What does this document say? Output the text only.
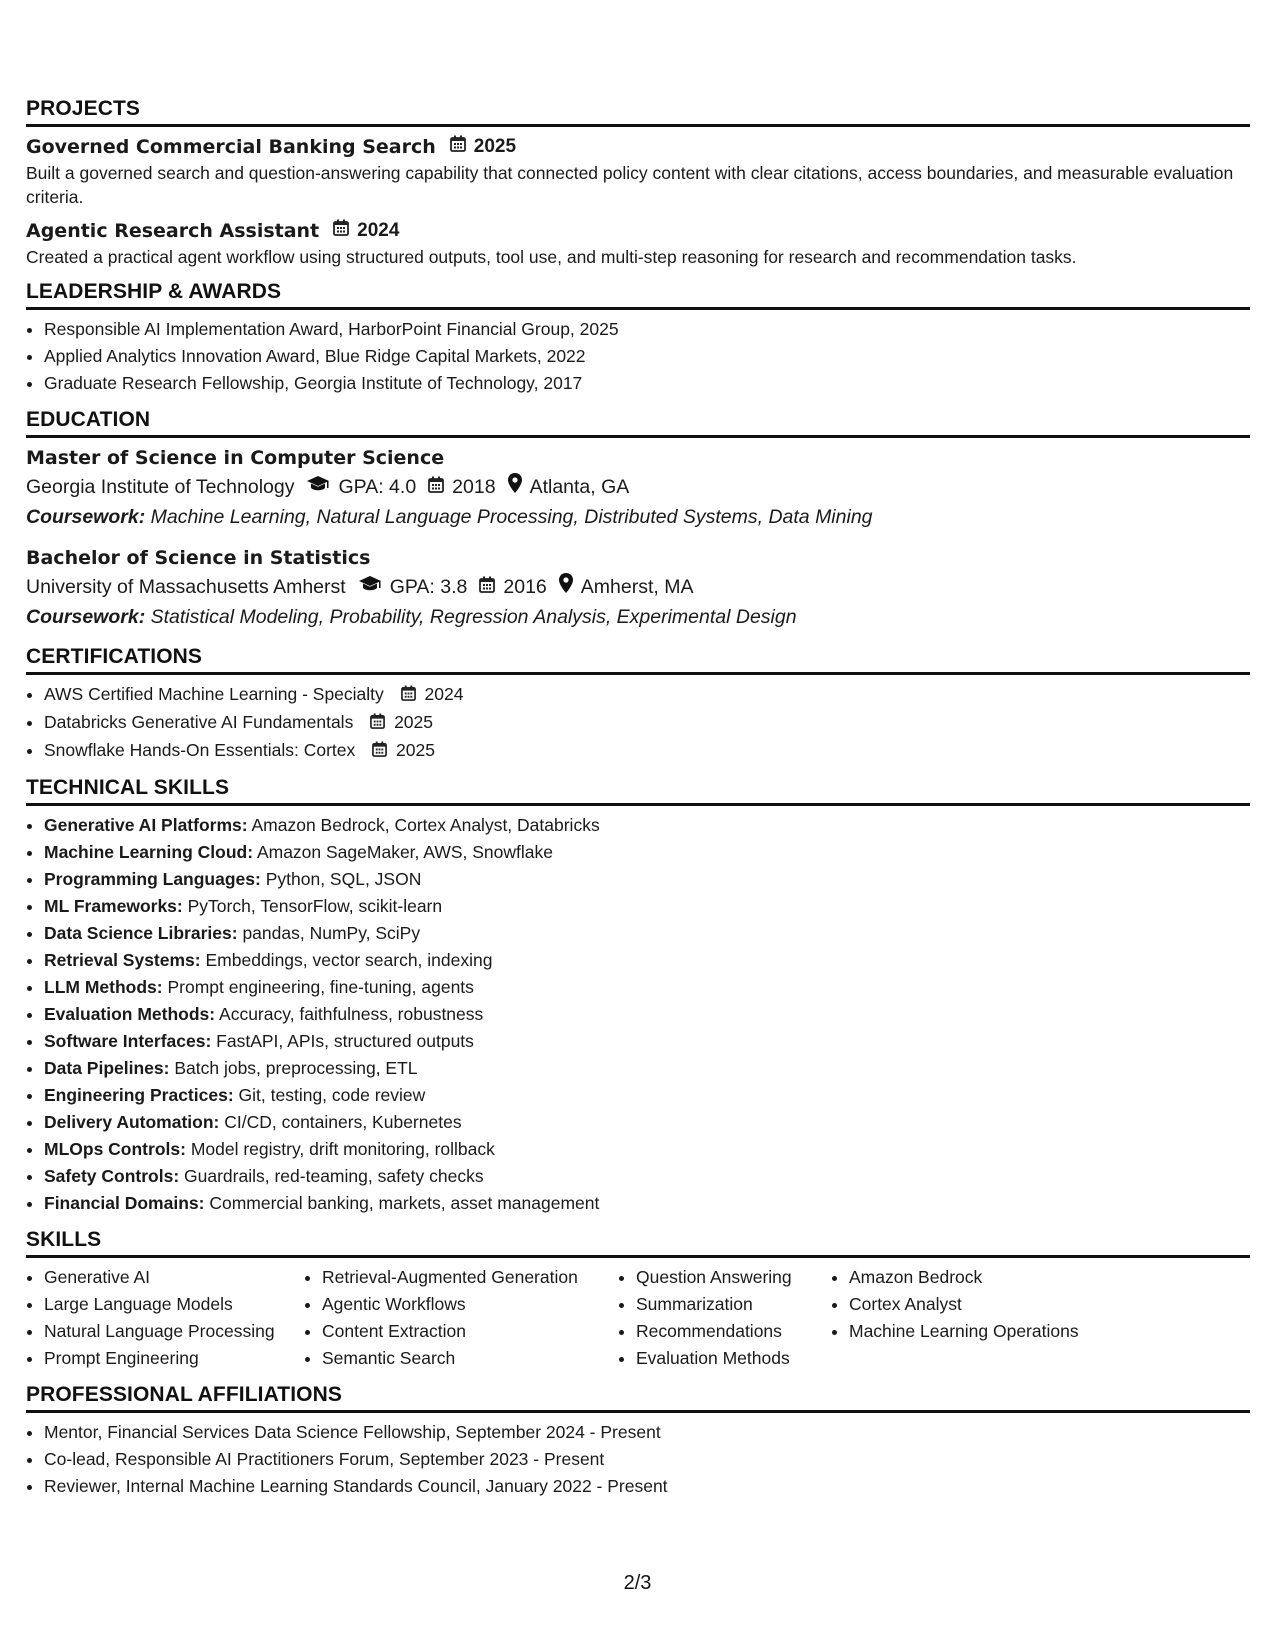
PROJECTS
Governed Commercial Banking Search 2025
Built a governed search and question-answering capability that connected policy content with clear citations, access boundaries, and measurable evaluation criteria.
Agentic Research Assistant 2024
Created a practical agent workflow using structured outputs, tool use, and multi-step reasoning for research and recommendation tasks.
LEADERSHIP & AWARDS
• Responsible AI Implementation Award, HarborPoint Financial Group, 2025
• Applied Analytics Innovation Award, Blue Ridge Capital Markets, 2022
• Graduate Research Fellowship, Georgia Institute of Technology, 2017
EDUCATION
Master of Science in Computer Science
Georgia Institute of Technology GPA: 4.0 2018 Atlanta, GA
Coursework: Machine Learning, Natural Language Processing, Distributed Systems, Data Mining
Bachelor of Science in Statistics
University of Massachusetts Amherst GPA: 3.8 2016 Amherst, MA
Coursework: Statistical Modeling, Probability, Regression Analysis, Experimental Design
CERTIFICATIONS
• AWS Certified Machine Learning - Specialty 2024
• Databricks Generative AI Fundamentals 2025
• Snowflake Hands-On Essentials: Cortex 2025
TECHNICAL SKILLS
• Generative AI Platforms: Amazon Bedrock, Cortex Analyst, Databricks
• Machine Learning Cloud: Amazon SageMaker, AWS, Snowflake
• Programming Languages: Python, SQL, JSON
• ML Frameworks: PyTorch, TensorFlow, scikit-learn
• Data Science Libraries: pandas, NumPy, SciPy
• Retrieval Systems: Embeddings, vector search, indexing
• LLM Methods: Prompt engineering, fine-tuning, agents
• Evaluation Methods: Accuracy, faithfulness, robustness
• Software Interfaces: FastAPI, APIs, structured outputs
• Data Pipelines: Batch jobs, preprocessing, ETL
• Engineering Practices: Git, testing, code review
• Delivery Automation: CI/CD, containers, Kubernetes
• MLOps Controls: Model registry, drift monitoring, rollback
• Safety Controls: Guardrails, red-teaming, safety checks
• Financial Domains: Commercial banking, markets, asset management
SKILLS
• Generative AI
• Large Language Models
• Natural Language Processing
• Prompt Engineering
• Retrieval-Augmented Generation
• Agentic Workflows
• Content Extraction
• Semantic Search
• Question Answering
• Summarization
• Recommendations
• Evaluation Methods
• Amazon Bedrock
• Cortex Analyst
• Machine Learning Operations
PROFESSIONAL AFFILIATIONS
• Mentor, Financial Services Data Science Fellowship, September 2024 - Present
• Co-lead, Responsible AI Practitioners Forum, September 2023 - Present
• Reviewer, Internal Machine Learning Standards Council, January 2022 - Present
2/3
